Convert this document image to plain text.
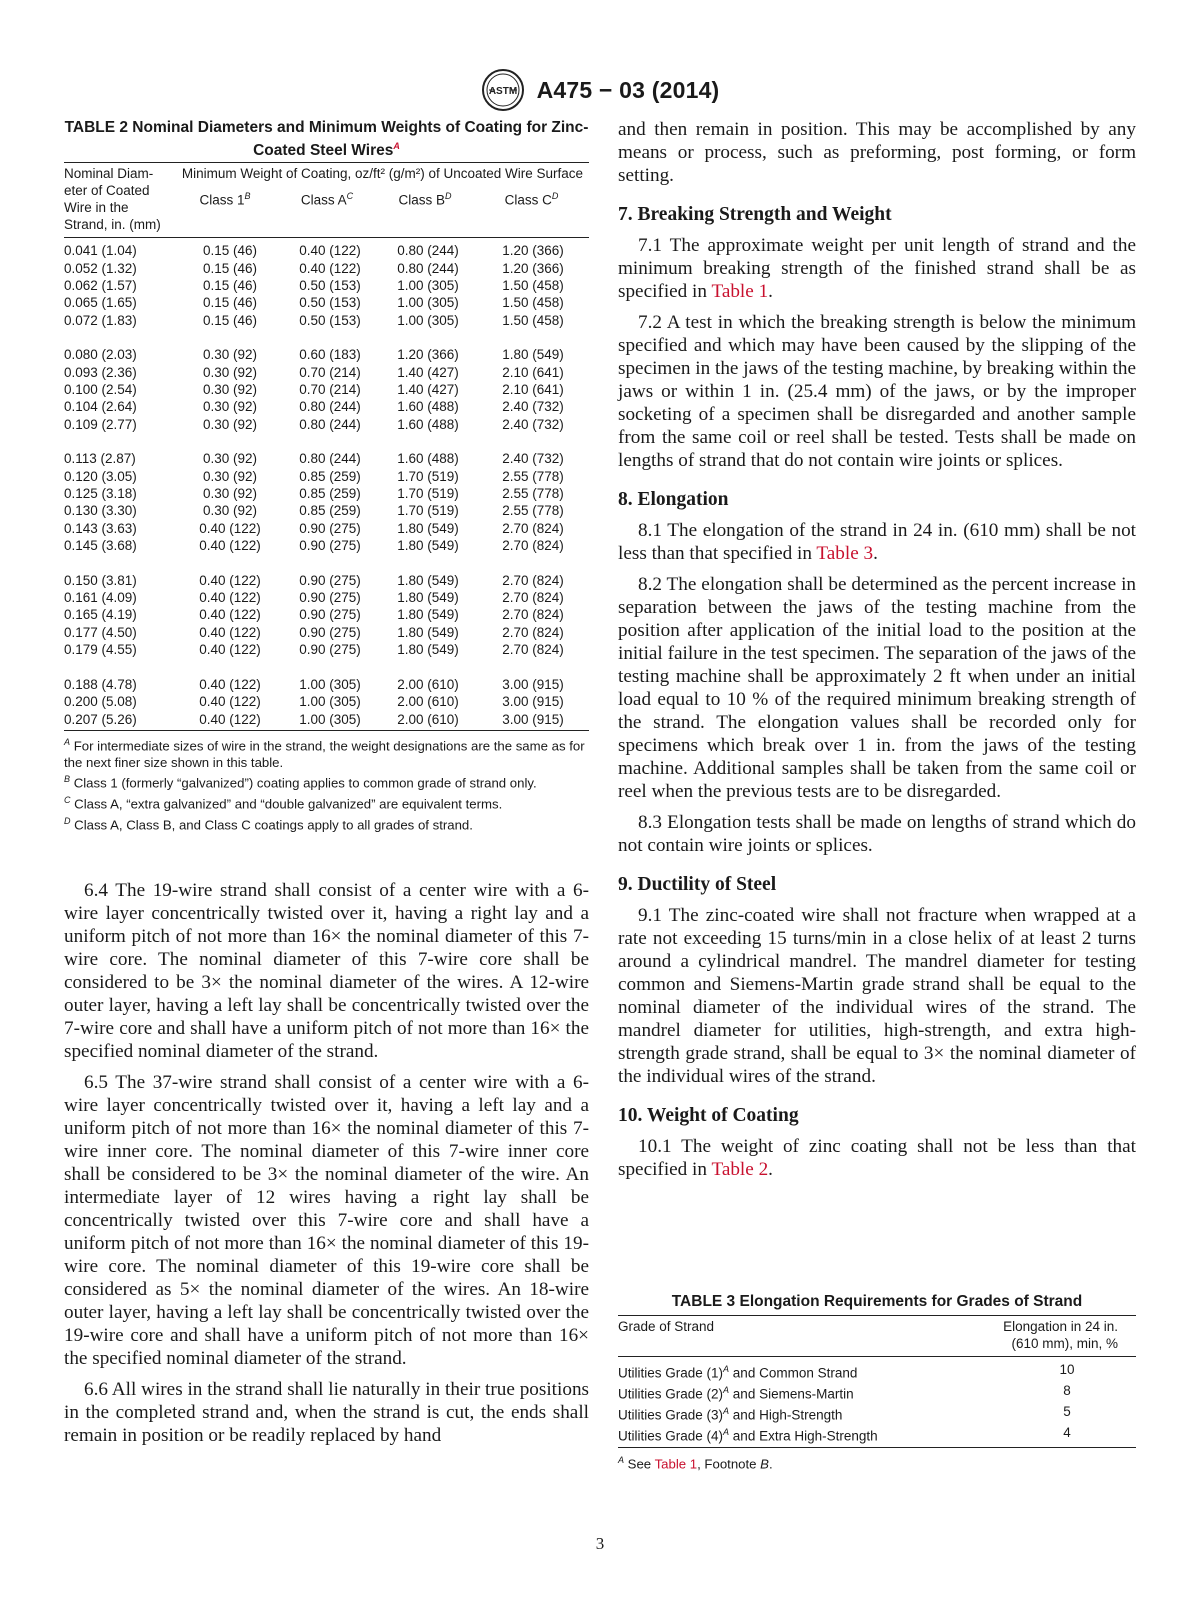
ASTM A475 − 03 (2014)
TABLE 2 Nominal Diameters and Minimum Weights of Coating for Zinc-Coated Steel Wires$^A$
Nominal Diam- eter of Coated Wire in the Strand, in. (mm)
Minimum Weight of Coating, oz/ft² (g/m²) of Uncoated Wire Surface
Class $1^B$	Class $A^C$	Class $B^D$	Class $C^D$
0.041 (1.04)	0.15 (46)	0.40 (122)	0.80 (244)	1.20 (366)
0.052 (1.32)	0.15 (46)	0.40 (122)	0.80 (244)	1.20 (366)
0.062 (1.57)	0.15 (46)	0.50 (153)	1.00 (305)	1.50 (458)
0.065 (1.65)	0.15 (46)	0.50 (153)	1.00 (305)	1.50 (458)
0.072 (1.83)	0.15 (46)	0.50 (153)	1.00 (305)	1.50 (458)
0.080 (2.03)	0.30 (92)	0.60 (183)	1.20 (366)	1.80 (549)
0.093 (2.36)	0.30 (92)	0.70 (214)	1.40 (427)	2.10 (641)
0.100 (2.54)	0.30 (92)	0.70 (214)	1.40 (427)	2.10 (641)
0.104 (2.64)	0.30 (92)	0.80 (244)	1.60 (488)	2.40 (732)
0.109 (2.77)	0.30 (92)	0.80 (244)	1.60 (488)	2.40 (732)
0.113 (2.87)	0.30 (92)	0.80 (244)	1.60 (488)	2.40 (732)
0.120 (3.05)	0.30 (92)	0.85 (259)	1.70 (519)	2.55 (778)
0.125 (3.18)	0.30 (92)	0.85 (259)	1.70 (519)	2.55 (778)
0.130 (3.30)	0.30 (92)	0.85 (259)	1.70 (519)	2.55 (778)
0.143 (3.63)	0.40 (122)	0.90 (275)	1.80 (549)	2.70 (824)
0.145 (3.68)	0.40 (122)	0.90 (275)	1.80 (549)	2.70 (824)
0.150 (3.81)	0.40 (122)	0.90 (275)	1.80 (549)	2.70 (824)
0.161 (4.09)	0.40 (122)	0.90 (275)	1.80 (549)	2.70 (824)
0.165 (4.19)	0.40 (122)	0.90 (275)	1.80 (549)	2.70 (824)
0.177 (4.50)	0.40 (122)	0.90 (275)	1.80 (549)	2.70 (824)
0.179 (4.55)	0.40 (122)	0.90 (275)	1.80 (549)	2.70 (824)
0.188 (4.78)	0.40 (122)	1.00 (305)	2.00 (610)	3.00 (915)
0.200 (5.08)	0.40 (122)	1.00 (305)	2.00 (610)	3.00 (915)
0.207 (5.26)	0.40 (122)	1.00 (305)	2.00 (610)	3.00 (915)
$^A$ For intermediate sizes of wire in the strand, the weight designations are the same as for the next finer size shown in this table.
$^B$ Class 1 (formerly “galvanized”) coating applies to common grade of strand only.
$^C$ Class A, “extra galvanized” and “double galvanized” are equivalent terms.
$^D$ Class A, Class B, and Class C coatings apply to all grades of strand.

6.4 The 19-wire strand shall consist of a center wire with a 6-wire layer concentrically twisted over it, having a right lay and a uniform pitch of not more than 16× the nominal diameter of this 7-wire core. The nominal diameter of this 7-wire core shall be considered to be 3× the nominal diameter of the wires. A 12-wire outer layer, having a left lay shall be concentrically twisted over the 7-wire core and shall have a uniform pitch of not more than 16× the specified nominal diameter of the strand.

6.5 The 37-wire strand shall consist of a center wire with a 6-wire layer concentrically twisted over it, having a left lay and a uniform pitch of not more than 16× the nominal diameter of this 7-wire inner core. The nominal diameter of this 7-wire inner core shall be considered to be 3× the nominal diameter of the wire. An intermediate layer of 12 wires having a right lay shall be concentrically twisted over this 7-wire core and shall have a uniform pitch of not more than 16× the nominal diameter of this 19-wire core. The nominal diameter of this 19-wire core shall be considered as 5× the nominal diameter of the wires. An 18-wire outer layer, having a left lay shall be concentrically twisted over the 19-wire core and shall have a uniform pitch of not more than 16× the specified nominal diameter of the strand.

6.6 All wires in the strand shall lie naturally in their true positions in the completed strand and, when the strand is cut, the ends shall remain in position or be readily replaced by hand

and then remain in position. This may be accomplished by any means or process, such as preforming, post forming, or form setting.

7. Breaking Strength and Weight

7.1 The approximate weight per unit length of strand and the minimum breaking strength of the finished strand shall be as specified in Table 1.

7.2 A test in which the breaking strength is below the minimum specified and which may have been caused by the slipping of the specimen in the jaws of the testing machine, by breaking within the jaws or within 1 in. (25.4 mm) of the jaws, or by the improper socketing of a specimen shall be disregarded and another sample from the same coil or reel shall be tested. Tests shall be made on lengths of strand that do not contain wire joints or splices.

8. Elongation

8.1 The elongation of the strand in 24 in. (610 mm) shall be not less than that specified in Table 3.

8.2 The elongation shall be determined as the percent increase in separation between the jaws of the testing machine from the position after application of the initial load to the position at the initial failure in the test specimen. The separation of the jaws of the testing machine shall be approximately 2 ft when under an initial load equal to 10 % of the required minimum breaking strength of the strand. The elongation values shall be recorded only for specimens which break over 1 in. from the jaws of the testing machine. Additional samples shall be taken from the same coil or reel when the previous tests are to be disregarded.

8.3 Elongation tests shall be made on lengths of strand which do not contain wire joints or splices.

9. Ductility of Steel

9.1 The zinc-coated wire shall not fracture when wrapped at a rate not exceeding 15 turns/min in a close helix of at least 2 turns around a cylindrical mandrel. The mandrel diameter for testing common and Siemens-Martin grade strand shall be equal to the nominal diameter of the individual wires of the strand. The mandrel diameter for utilities, high-strength, and extra high-strength grade strand, shall be equal to 3× the nominal diameter of the individual wires of the strand.

10. Weight of Coating

10.1 The weight of zinc coating shall not be less than that specified in Table 2.

TABLE 3 Elongation Requirements for Grades of Strand
Grade of Strand	Elongation in 24 in. (610 mm), min, %
Utilities Grade $(1)^A$ and Common Strand	10
Utilities Grade $(2)^A$ and Siemens-Martin	8
Utilities Grade $(3)^A$ and High-Strength	5
Utilities Grade $(4)^A$ and Extra High-Strength	4
$^A$ See Table 1, Footnote B.
3
